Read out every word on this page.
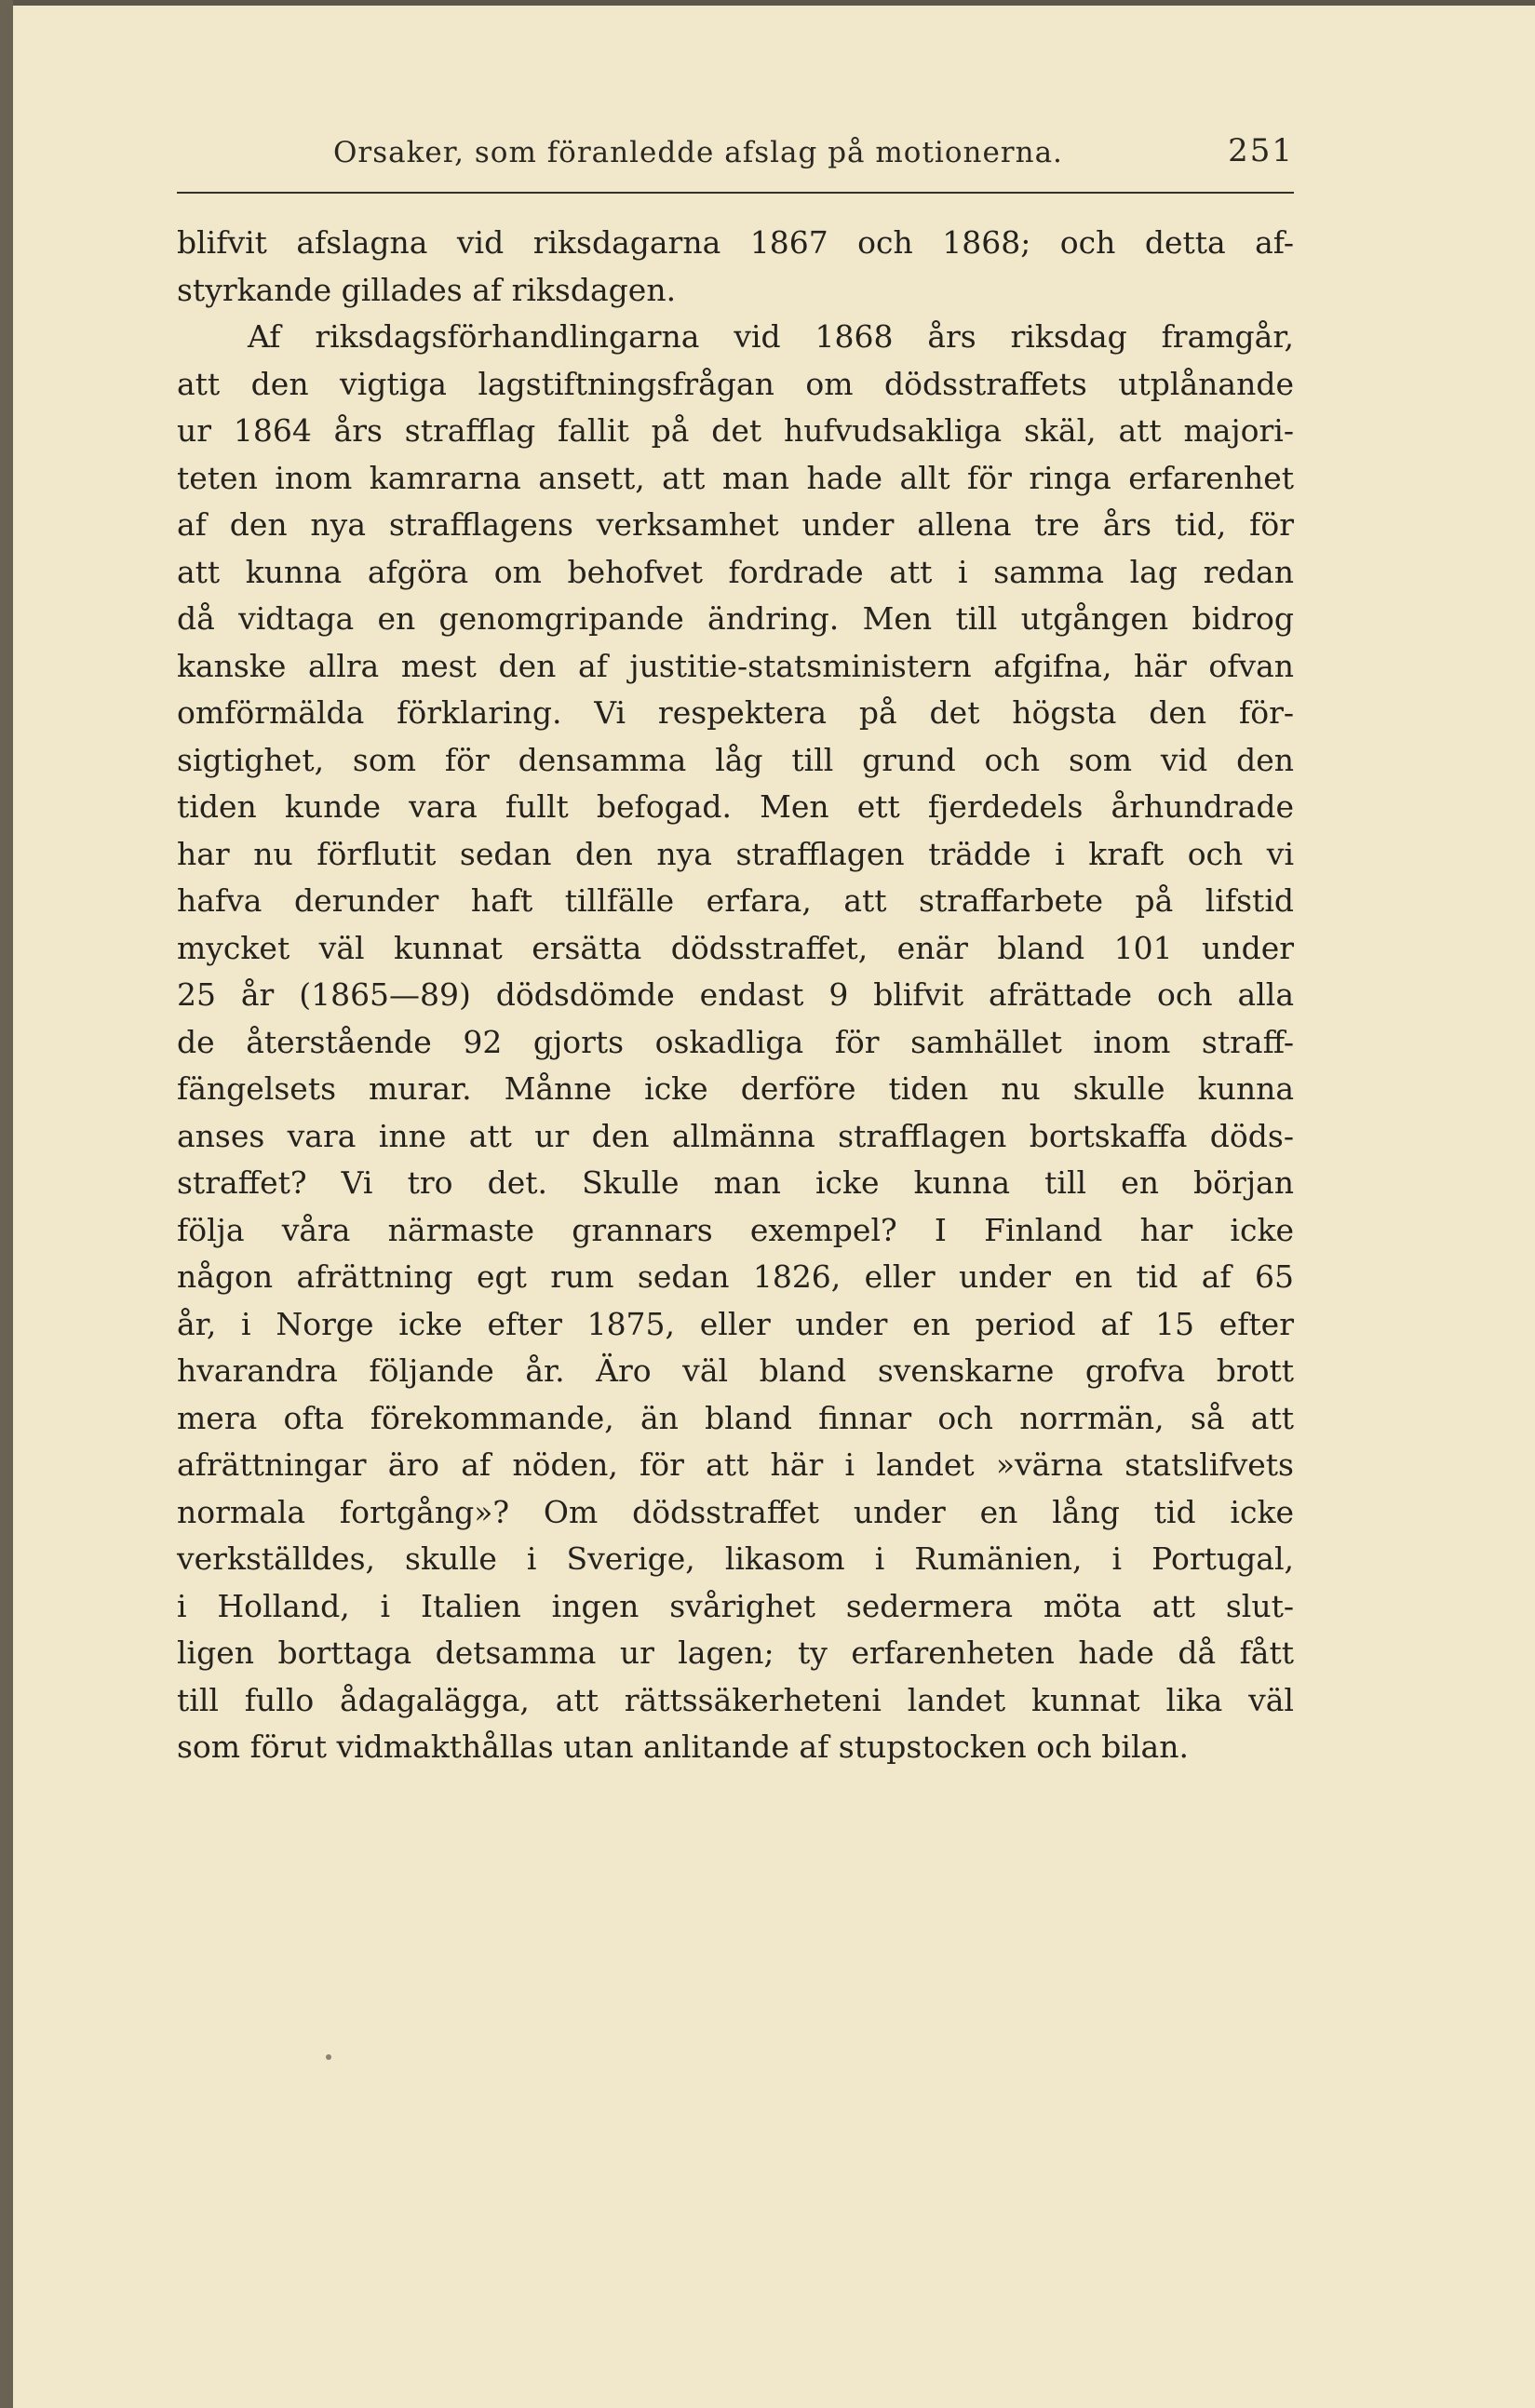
Orsaker, som föranledde afslag på motionerna.	251
blifvit afslagna vid riksdagarna 1867 och 1868; och detta af-
styrkande gillades af riksdagen.
Af riksdagsförhandlingarna vid 1868 års riksdag framgår,
att den vigtiga lagstiftningsfrågan om dödsstraffets utplånande
ur 1864 års strafflag fallit på det hufvudsakliga skäl, att majori-
teten inom kamrarna ansett, att man hade allt för ringa erfarenhet
af den nya strafflagens verksamhet under allena tre års tid, för
att kunna afgöra om behofvet fordrade att i samma lag redan
då vidtaga en genomgripande ändring. Men till utgången bidrog
kanske allra mest den af justitie-statsministern afgifna, här ofvan
omförmälda förklaring. Vi respektera på det högsta den för-
sigtighet, som för densamma låg till grund och som vid den
tiden kunde vara fullt befogad. Men ett fjerdedels århundrade
har nu förflutit sedan den nya strafflagen trädde i kraft och vi
hafva derunder haft tillfälle erfara, att straffarbete på lifstid
mycket väl kunnat ersätta dödsstraffet, enär bland 101 under
25 år (1865—89) dödsdömde endast 9 blifvit afrättade och alla
de återstående 92 gjorts oskadliga för samhället inom straff-
fängelsets murar. Månne icke derföre tiden nu skulle kunna
anses vara inne att ur den allmänna strafflagen bortskaffa döds-
straffet? Vi tro det. Skulle man icke kunna till en början
följa våra närmaste grannars exempel? I Finland har icke
någon afrättning egt rum sedan 1826, eller under en tid af 65
år, i Norge icke efter 1875, eller under en period af 15 efter
hvarandra följande år. Äro väl bland svenskarne grofva brott
mera ofta förekommande, än bland finnar och norrmän, så att
afrättningar äro af nöden, för att här i landet »värna statslifvets
normala fortgång»? Om dödsstraffet under en lång tid icke
verkställdes, skulle i Sverige, likasom i Rumänien, i Portugal,
i Holland, i Italien ingen svårighet sedermera möta att slut-
ligen borttaga detsamma ur lagen; ty erfarenheten hade då fått
till fullo ådagalägga, att rättssäkerheteni landet kunnat lika väl
som förut vidmakthållas utan anlitande af stupstocken och bilan.
